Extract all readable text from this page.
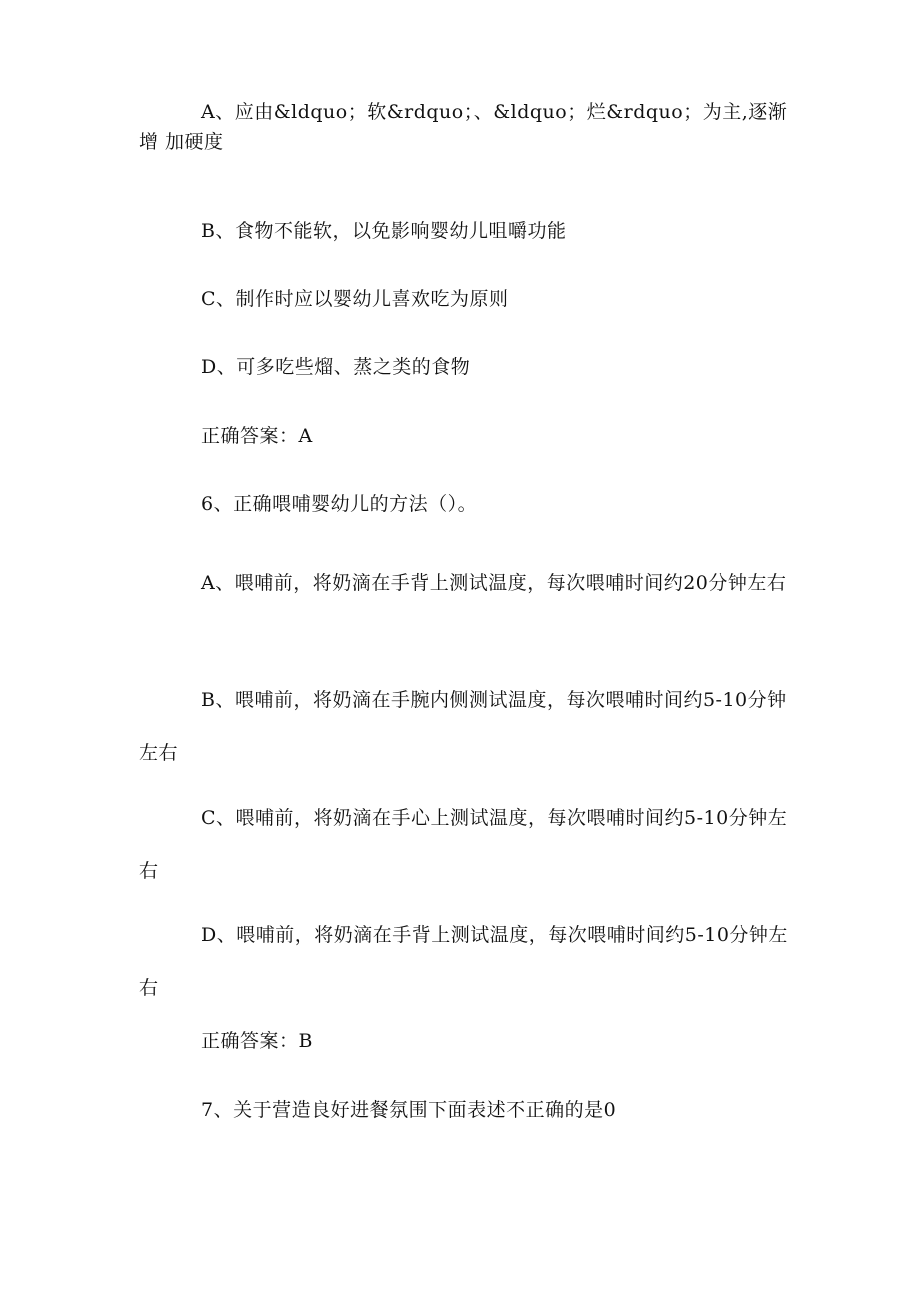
A、应由&ldquo；软&rdquo；、&ldquo；烂&rdquo；为主,逐渐增 加硬度
B、食物不能软，以免影响婴幼儿咀嚼功能
C、制作时应以婴幼儿喜欢吃为原则
D、可多吃些熘、蒸之类的食物
正确答案：A
6、正确喂哺婴幼儿的方法（）。
A、喂哺前，将奶滴在手背上测试温度，每次喂哺时间约20分钟左右
B、喂哺前，将奶滴在手腕内侧测试温度，每次喂哺时间约5-10分钟左右
C、喂哺前，将奶滴在手心上测试温度，每次喂哺时间约5-10分钟左右
D、喂哺前，将奶滴在手背上测试温度，每次喂哺时间约5-10分钟左右
正确答案：B
7、关于营造良好进餐氛围下面表述不正确的是0
